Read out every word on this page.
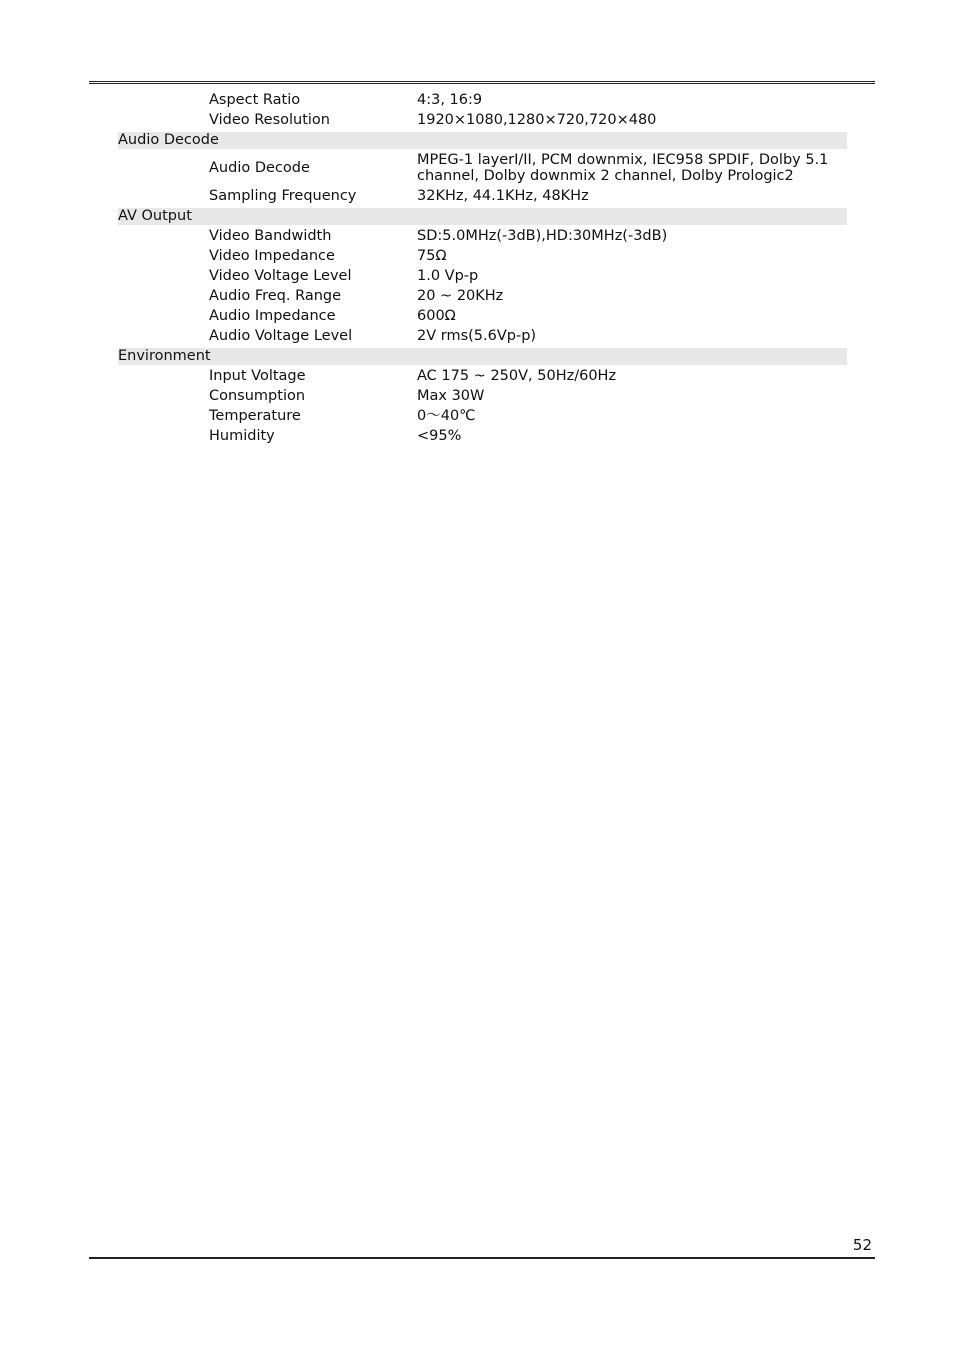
Aspect Ratio	4:3, 16:9
Video Resolution	1920×1080,1280×720,720×480
Audio Decode
Audio Decode	MPEG-1 layerI/II, PCM downmix, IEC958 SPDIF, Dolby 5.1 channel, Dolby downmix 2 channel, Dolby Prologic2
Sampling Frequency	32KHz, 44.1KHz, 48KHz
AV Output
Video Bandwidth	SD:5.0MHz(-3dB),HD:30MHz(-3dB)
Video Impedance	75Ω
Video Voltage Level	1.0 Vp-p
Audio Freq. Range	20 ~ 20KHz
Audio Impedance	600Ω
Audio Voltage Level	2V rms(5.6Vp-p)
Environment
Input Voltage	AC 175 ~ 250V, 50Hz/60Hz
Consumption	Max 30W
Temperature	0～40℃
Humidity	<95%
52
